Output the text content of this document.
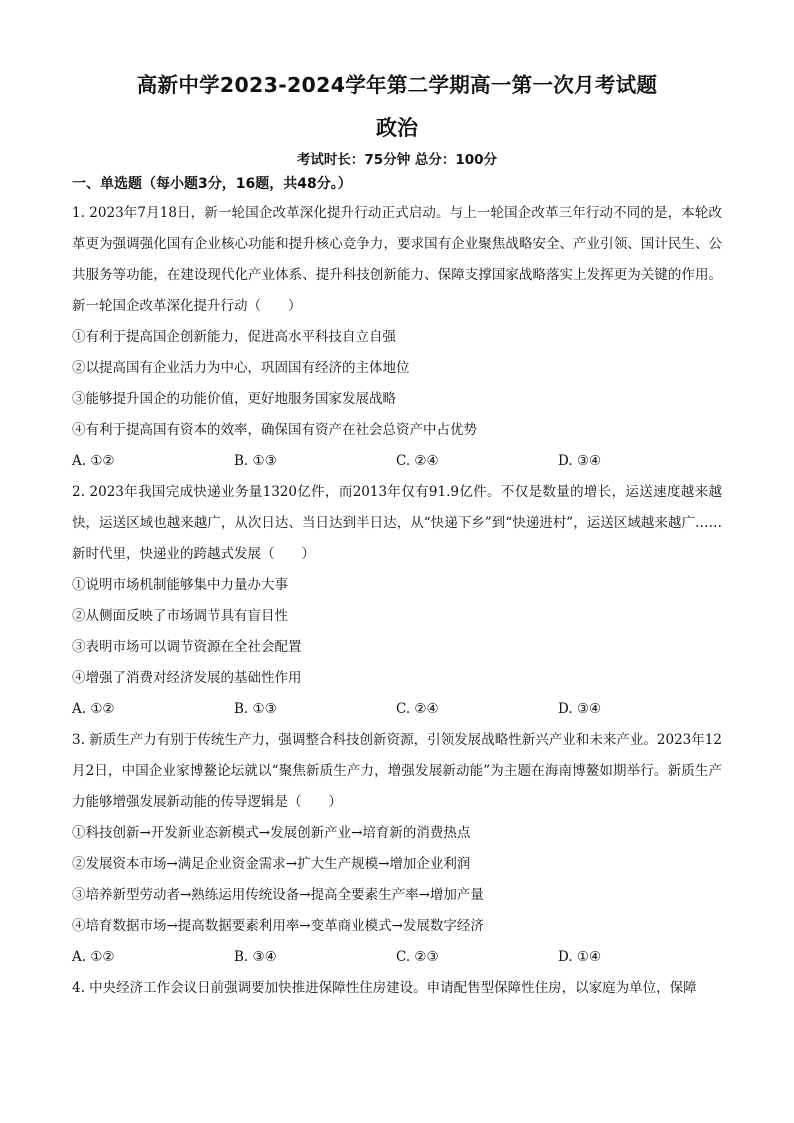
高新中学2023-2024学年第二学期高一第一次月考试题
政治
考试时长：75分钟 总分：100分
一、单选题（每小题3分，16题，共48分。）

1. 2023年7月18日，新一轮国企改革深化提升行动正式启动。与上一轮国企改革三年行动不同的是，本轮改革更为强调强化国有企业核心功能和提升核心竞争力，要求国有企业聚焦战略安全、产业引领、国计民生、公共服务等功能，在建设现代化产业体系、提升科技创新能力、保障支撑国家战略落实上发挥更为关键的作用。新一轮国企改革深化提升行动（　　）

①有利于提高国企创新能力，促进高水平科技自立自强

②以提高国有企业活力为中心，巩固国有经济的主体地位

③能够提升国企的功能价值，更好地服务国家发展战略

④有利于提高国有资本的效率，确保国有资产在社会总资产中占优势

A. ①②	B. ①③	C. ②④	D. ③④

2. 2023年我国完成快递业务量1320亿件，而2013年仅有91.9亿件。不仅是数量的增长，运送速度越来越快，运送区域也越来越广，从次日达、当日达到半日达，从“快递下乡”到“快递进村”，运送区域越来越广……新时代里，快递业的跨越式发展（　　）

①说明市场机制能够集中力量办大事

②从侧面反映了市场调节具有盲目性

③表明市场可以调节资源在全社会配置

④增强了消费对经济发展的基础性作用

A. ①②	B. ①③	C. ②④	D. ③④

3. 新质生产力有别于传统生产力，强调整合科技创新资源，引领发展战略性新兴产业和未来产业。2023年12月2日，中国企业家博鳌论坛就以“聚焦新质生产力，增强发展新动能”为主题在海南博鳌如期举行。新质生产力能够增强发展新动能的传导逻辑是（　　）

①科技创新→开发新业态新模式→发展创新产业→培育新的消费热点

②发展资本市场→满足企业资金需求→扩大生产规模→增加企业利润

③培养新型劳动者→熟练运用传统设备→提高全要素生产率→增加产量

④培育数据市场→提高数据要素利用率→变革商业模式→发展数字经济

A. ①②	B. ③④	C. ②③	D. ①④

4. 中央经济工作会议日前强调要加快推进保障性住房建设。申请配售型保障性住房，以家庭为单位，保障
